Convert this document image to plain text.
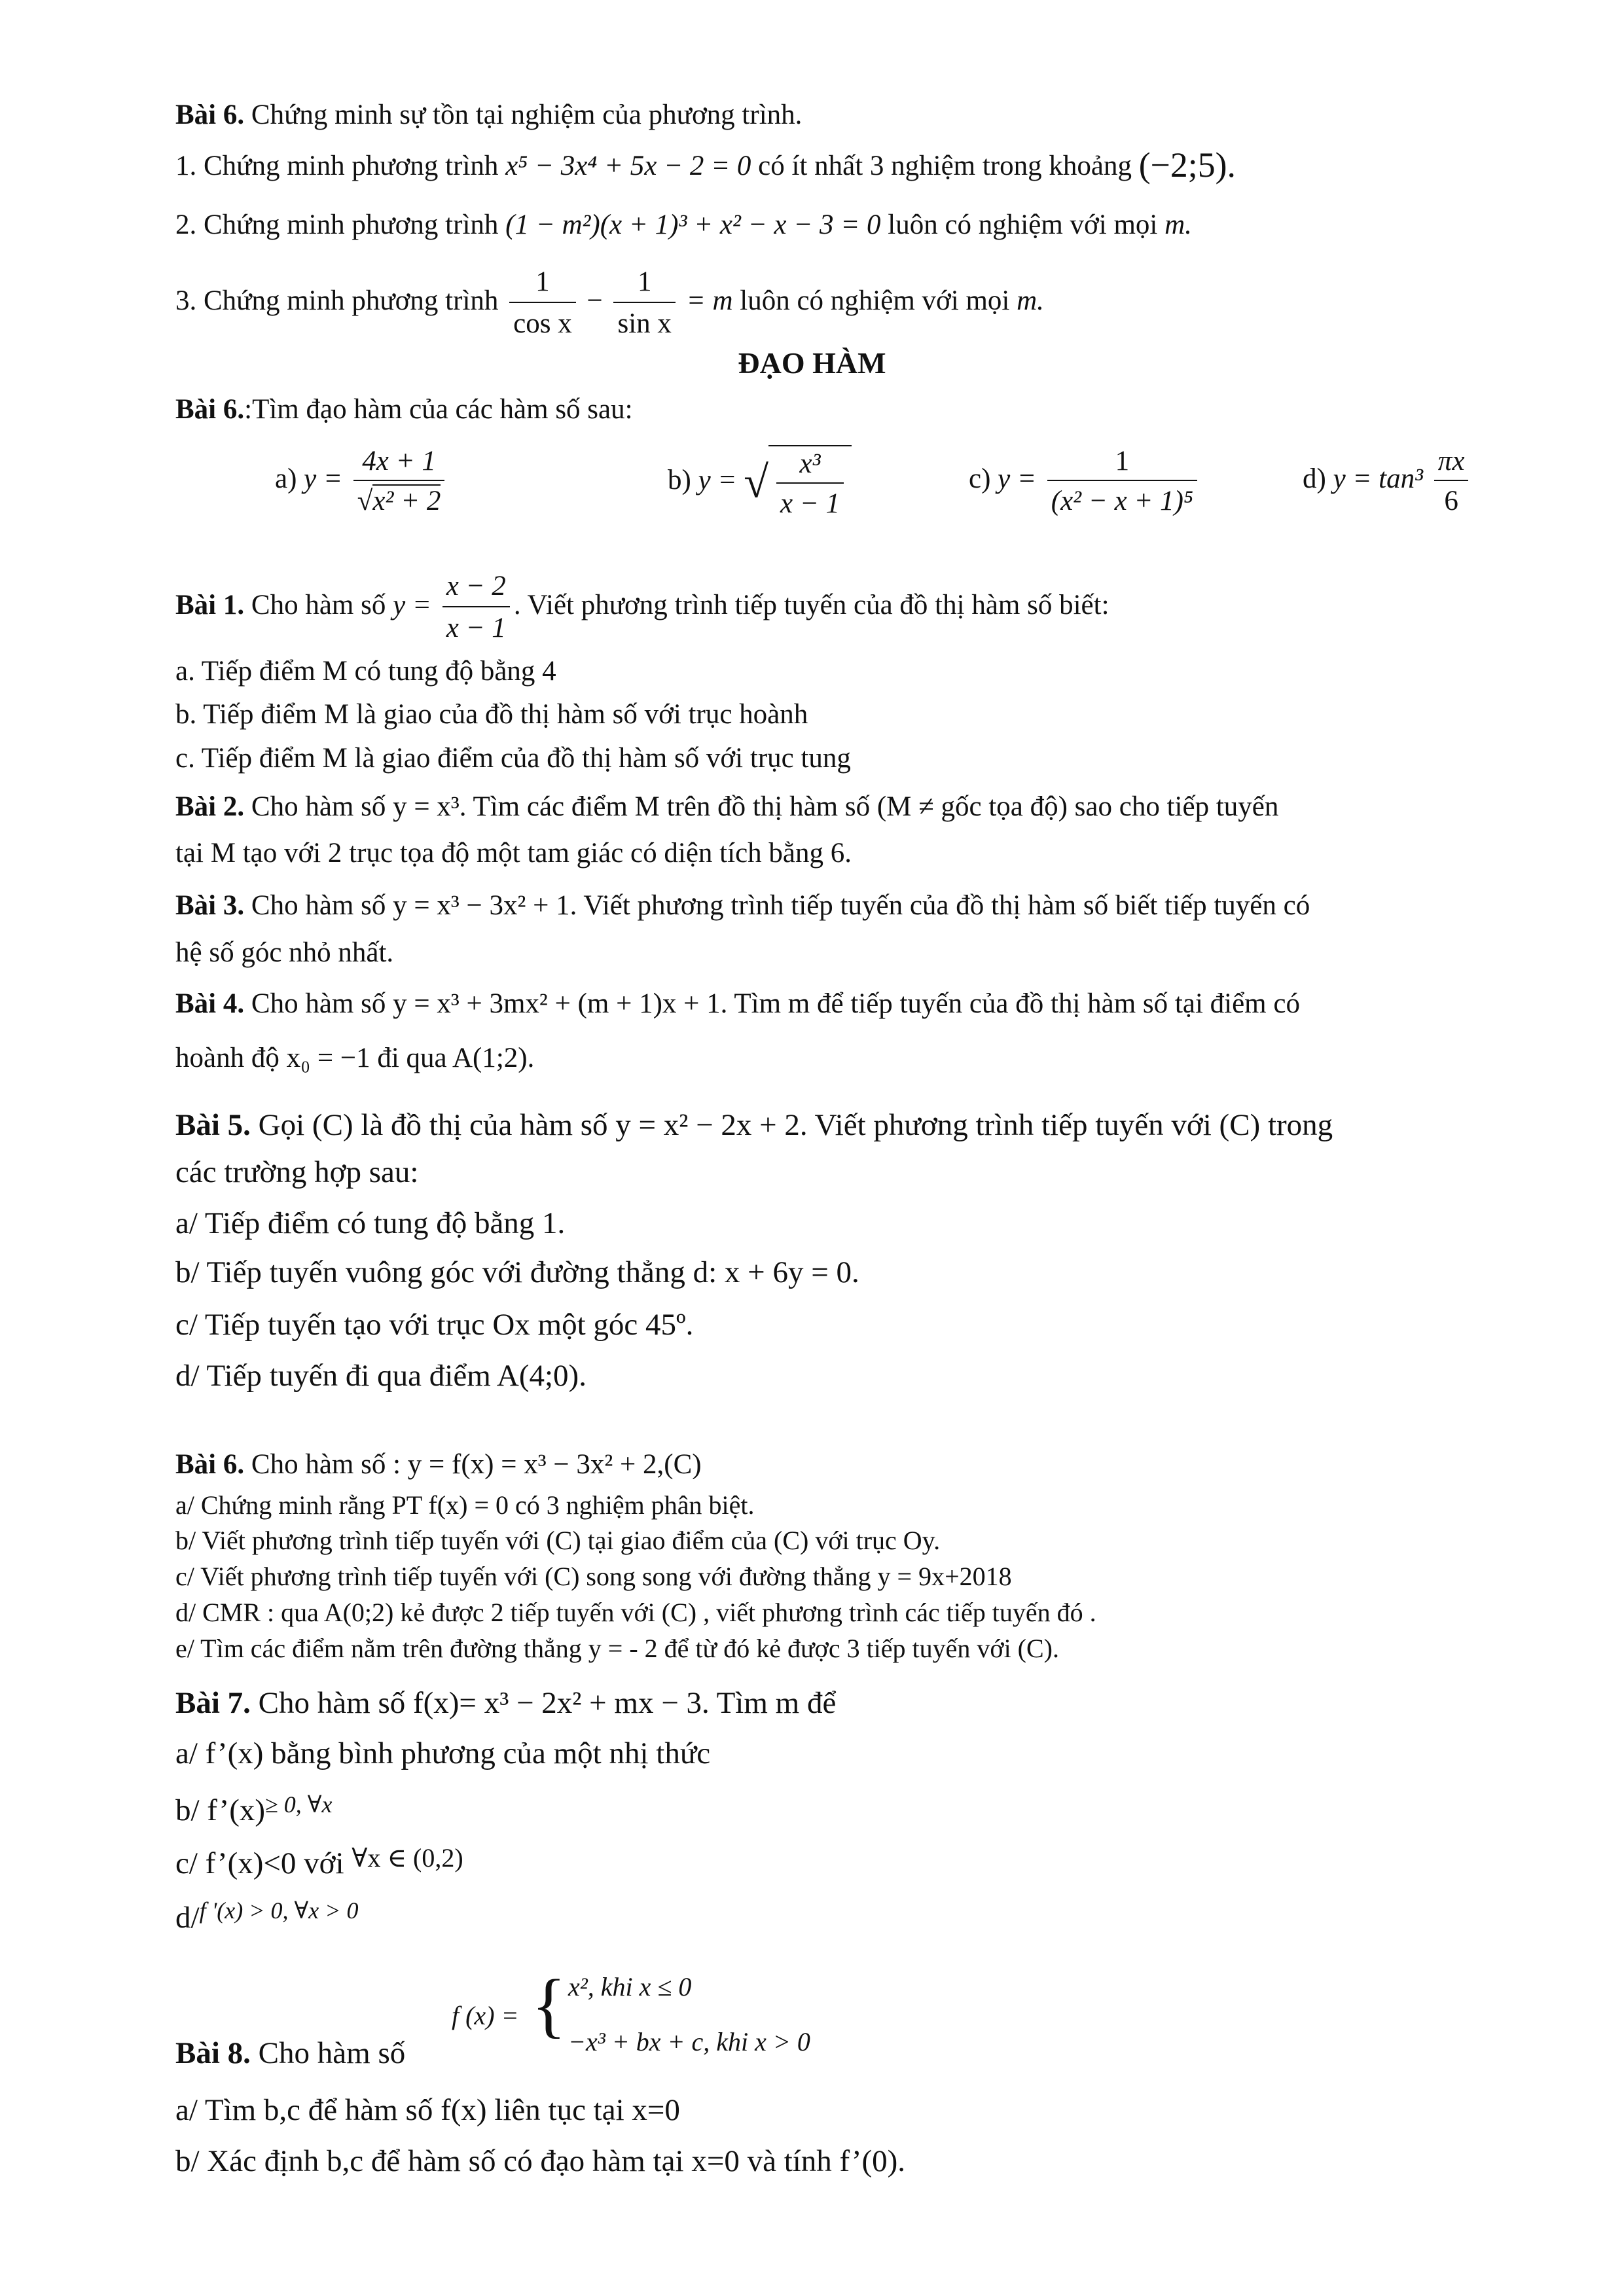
Bài 6. Chứng minh sự tồn tại nghiệm của phương trình.
1. Chứng minh phương trình x⁵ − 3x⁴ + 5x − 2 = 0 có ít nhất 3 nghiệm trong khoảng (−2;5).
2. Chứng minh phương trình (1 − m²)(x + 1)³ + x² − x − 3 = 0 luôn có nghiệm với mọi m.
3. Chứng minh phương trình $\frac{1}{\text{cos x}} - \frac{1}{\text{sin x}} = m$ luôn có nghiệm với mọi m.
ĐẠO HÀM
Bài 6.:Tìm đạo hàm của các hàm số sau:
a) $y = \frac{4x + 1}{\text{√x² + 2}}$	b) y = √ $\frac{\text{x³}}{x - 1}$	c) $y = \frac{1}{\text{(x² − x + 1)⁵}}$	d) $y = \tan^3 \frac{\pi x}{6}$
Bài 1. Cho hàm số $y = \frac{x - 2}{x - 1}$ . Viết phương trình tiếp tuyến của đồ thị hàm số biết:
a. Tiếp điểm M có tung độ bằng 4
b. Tiếp điểm M là giao của đồ thị hàm số với trục hoành
c. Tiếp điểm M là giao điểm của đồ thị hàm số với trục tung
Bài 2. Cho hàm số y = x³. Tìm các điểm M trên đồ thị hàm số (M ≠ gốc tọa độ) sao cho tiếp tuyến
tại M tạo với 2 trục tọa độ một tam giác có diện tích bằng 6.
Bài 3. Cho hàm số y = x³ − 3x² + 1. Viết phương trình tiếp tuyến của đồ thị hàm số biết tiếp tuyến có
hệ số góc nhỏ nhất.
Bài 4. Cho hàm số y = x³ + 3mx² + (m + 1)x + 1. Tìm m để tiếp tuyến của đồ thị hàm số tại điểm có
hoành độ x₀ = −1 đi qua A(1;2).
Bài 5. Gọi (C) là đồ thị của hàm số y = x² − 2x + 2. Viết phương trình tiếp tuyến với (C) trong
các trường hợp sau:
a/ Tiếp điểm có tung độ bằng 1.
b/ Tiếp tuyến vuông góc với đường thẳng d: x + 6y = 0.
c/ Tiếp tuyến tạo với trục Ox một góc 45º.
d/ Tiếp tuyến đi qua điểm A(4;0).
Bài 6. Cho hàm số : y = f(x) = x³ − 3x² + 2,(C)
a/ Chứng minh rằng PT f(x) = 0 có 3 nghiệm phân biệt.
b/ Viết phương trình tiếp tuyến với (C) tại giao điểm của (C) với trục Oy.
c/ Viết phương trình tiếp tuyến với (C) song song với đường thẳng y = 9x+2018
d/ CMR : qua A(0;2) kẻ được 2 tiếp tuyến với (C) , viết phương trình các tiếp tuyến đó .
e/ Tìm các điểm nằm trên đường thẳng y = - 2 để từ đó kẻ được 3 tiếp tuyến với (C).
Bài 7. Cho hàm số f(x)= x³ − 2x² + mx − 3. Tìm m để
a/ f’(x) bằng bình phương của một nhị thức
b/ $f’(x)^{\ge 0, \forall x}$
c/ f’(x)<0 với ∀x ∈ (0,2)
d/$^{f '(x) > 0, \forall x > 0}$
Bài 8. Cho hàm số
f (x) = { x², khi x ≤ 0
−x³ + bx + c, khi x > 0
a/ Tìm b,c để hàm số f(x) liên tục tại x=0
b/ Xác định b,c để hàm số có đạo hàm tại x=0 và tính f’(0).
